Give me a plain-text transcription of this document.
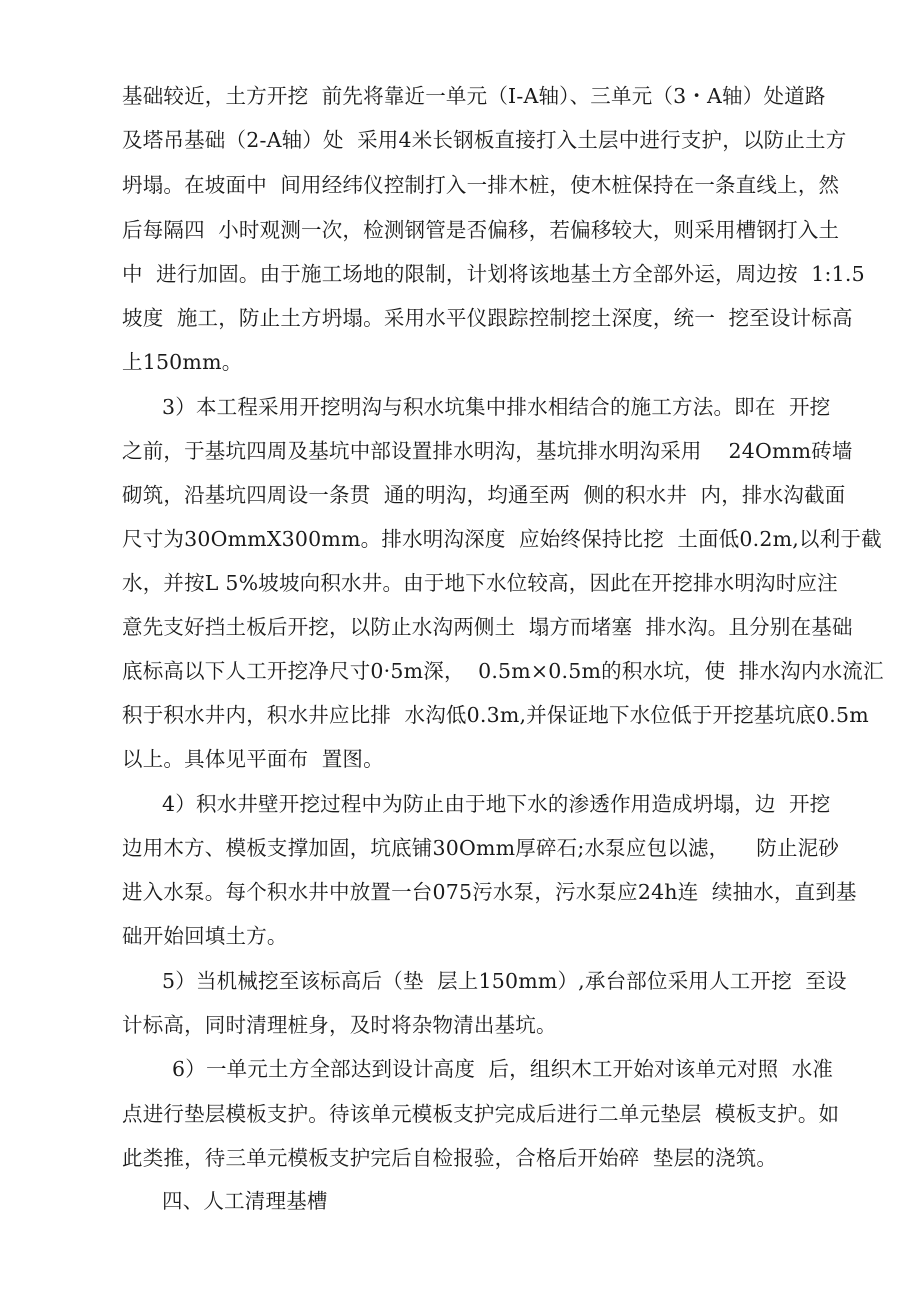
基础较近，土方开挖  前先将靠近一单元（I-A轴）、三单元（3・A轴）处道路
及塔吊基础（2-A轴）处  采用4米长钢板直接打入土层中进行支护，以防止土方
坍塌。在坡面中  间用经纬仪控制打入一排木桩，使木桩保持在一条直线上，然
后每隔四  小时观测一次，检测钢管是否偏移，若偏移较大，则采用槽钢打入土
中  进行加固。由于施工场地的限制，计划将该地基土方全部外运，周边按  1:1.5
坡度  施工，防止土方坍塌。采用水平仪跟踪控制挖土深度，统一  挖至设计标高
上150mm。
3）本工程采用开挖明沟与积水坑集中排水相结合的施工方法。即在  开挖
之前，于基坑四周及基坑中部设置排水明沟，基坑排水明沟采用    24Omm砖墙
砌筑，沿基坑四周设一条贯  通的明沟，均通至两  侧的积水井  内，排水沟截面
尺寸为30OmmX300mm。排水明沟深度  应始终保持比挖  土面低0.2m,以利于截
水，并按L 5%坡坡向积水井。由于地下水位较高，因此在开挖排水明沟时应注
意先支好挡土板后开挖，以防止水沟两侧土  塌方而堵塞  排水沟。且分别在基础
底标高以下人工开挖净尺寸0·5m深，  0.5m×0.5m的积水坑，使  排水沟内水流汇
积于积水井内，积水井应比排  水沟低0.3m,并保证地下水位低于开挖基坑底0.5m
以上。具体见平面布  置图。
4）积水井壁开挖过程中为防止由于地下水的渗透作用造成坍塌，边  开挖
边用木方、模板支撑加固，坑底铺30Omm厚碎石;水泵应包以滤，    防止泥砂
进入水泵。每个积水井中放置一台075污水泵，污水泵应24h连  续抽水，直到基
础开始回填土方。
5）当机械挖至该标高后（垫  层上150mm）,承台部位采用人工开挖  至设
计标高，同时清理桩身，及时将杂物清出基坑。
6）一单元土方全部达到设计高度  后，组织木工开始对该单元对照  水准
点进行垫层模板支护。待该单元模板支护完成后进行二单元垫层  模板支护。如
此类推，待三单元模板支护完后自检报验，合格后开始碎  垫层的浇筑。
四、人工清理基槽
